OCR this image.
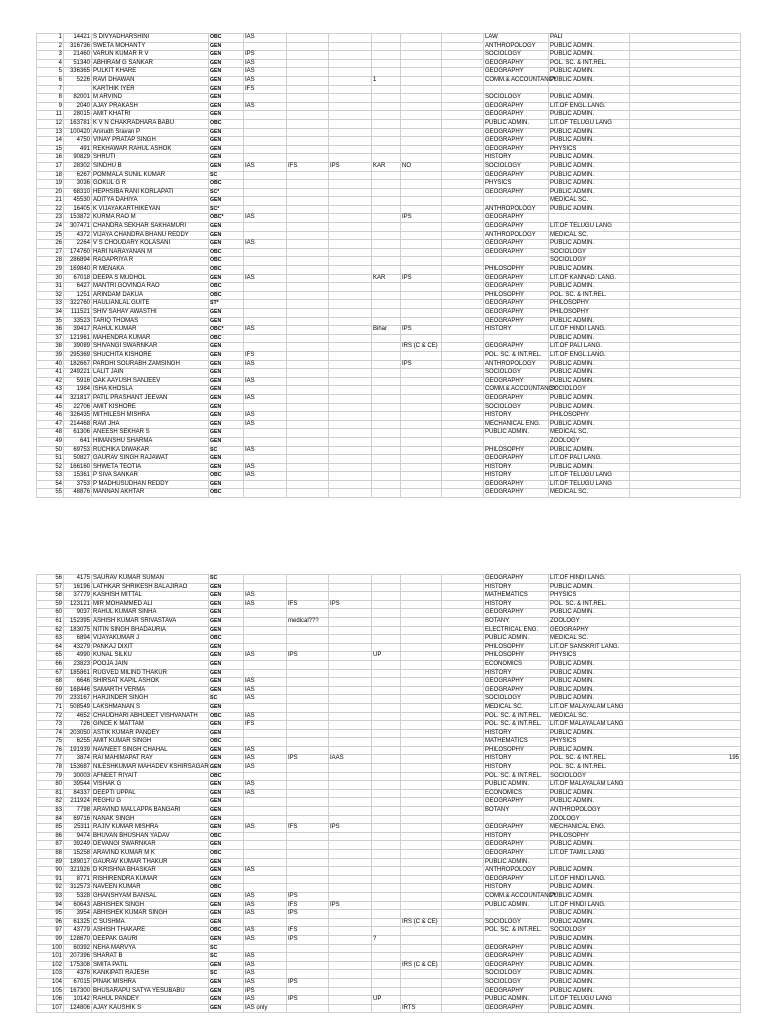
1	14421	S DIVYADHARSHINI	OBC	IAS						LAW	PALI	
2	316736	SWETA MOHANTY	GEN							ANTHROPOLOGY	PUBLIC ADMIN.	
3	21460	VARUN KUMAR R V	GEN	IPS						SOCIOLOGY	PUBLIC ADMIN.	
4	51340	ABHIRAM G SANKAR	GEN	IAS						GEOGRAPHY	POL. SC. & INT.REL.	
5	336365	PULKIT KHARE	GEN	IAS						GEOGRAPHY	PUBLIC ADMIN.	
6	5226	RAVI DHAWAN	GEN	IAS			1			COMM.& ACCOUNTANCY	PUBLIC ADMIN.	
7		KARTHIK IYER	GEN	IFS								
8	82001	M ARVIND	GEN							SOCIOLOGY	PUBLIC ADMIN.	
9	2040	AJAY PRAKASH	GEN	IAS						GEOGRAPHY	LIT.OF ENGL.LANG.	
11	28015	AMIT KHATRI	GEN							GEOGRAPHY	PUBLIC ADMIN.	
12	163781	K V N CHAKRADHARA BABU	OBC							PUBLIC ADMIN.	LIT.OF TELUGU LANG	
13	100420	Anirudh Sravan P	GEN							GEOGRAPHY	PUBLIC ADMIN.	
14	4750	VINAY PRATAP SINGH	GEN							GEOGRAPHY	PUBLIC ADMIN.	
15	491	REKHAWAR RAHUL ASHOK	GEN							GEOGRAPHY	PHYSICS	
16	90829	SHRUTI	GEN							HISTORY	PUBLIC ADMIN.	
17	28302	SINDHU B	GEN	IAS	IFS	IPS	KAR	NO		SOCIOLOGY	PUBLIC ADMIN.	
18	6267	POMMALA SUNIL KUMAR	SC							GEOGRAPHY	PUBLIC ADMIN.	
19	3036	GOKUL G R	OBC							PHYSICS	PUBLIC ADMIN.	
20	68310	HEPHSIBA RANI KORLAPATI	SC*							GEOGRAPHY	PUBLIC ADMIN.	
21	45530	ADITYA DAHIYA	GEN								MEDICAL SC.	
22	16405	K VIJAYAKARTHIKEYAN	SC*							ANTHROPOLOGY	PUBLIC ADMIN.	
23	153872	KURMA RAO M	OBC*	IAS				IPS		GEOGRAPHY		
24	307471	CHANDRA SEKHAR SAKHAMURI	GEN							GEOGRAPHY	LIT.OF TELUGU LANG	
25	4372	VIJAYA CHANDRA BHANU REDDY	GEN							ANTHROPOLOGY	MEDICAL SC.	
26	2264	V S CHOUDARY KOLASANI	GEN	IAS						GEOGRAPHY	PUBLIC ADMIN.	
27	174760	HARI NARAYANAN M	OBC							GEOGRAPHY	SOCIOLOGY	
28	286894	RAGAPRIYA R	OBC								SOCIOLOGY	
29	169840	R MENAKA	OBC							PHILOSOPHY	PUBLIC ADMIN.	
30	67018	DEEPA S MUDHOL	GEN	IAS			KAR	IPS		GEOGRAPHY	LIT.OF KANNAD. LANG.	
31	6427	MANTRI GOVINDA RAO	OBC							GEOGRAPHY	PUBLIC ADMIN.	
32	1251	ARINDAM DAKUA	OBC							PHILOSOPHY	POL. SC. & INT.REL.	
33	322760	HAULIANLAL GUITE	ST*							GEOGRAPHY	PHILOSOPHY	
34	111521	SHIV SAHAY AWASTHI	GEN							GEOGRAPHY	PHILOSOPHY	
35	33523	TARIQ THOMAS	GEN							GEOGRAPHY	PUBLIC ADMIN.	
36	39417	RAHUL KUMAR	OBC*	IAS			Bihar	IPS		HISTORY	LIT.OF HINDI LANG.	
37	121961	MAHENDRA KUMAR	OBC								PUBLIC ADMIN.	
38	39089	SHIVANGI SWARNKAR	GEN					IRS (C & CE)		GEOGRAPHY	LIT.OF PALI LANG.	
39	295369	SHUCHITA KISHORE	GEN	IFS						POL. SC. & INT.REL.	LIT.OF ENGL.LANG.	
40	182667	PARDHI SOURABH ZAMSINGH	GEN	IAS				IPS		ANTHROPOLOGY	PUBLIC ADMIN.	
41	249221	LALIT JAIN	GEN							SOCIOLOGY	PUBLIC ADMIN.	
42	5916	OAK AAYUSH SANJEEV	GEN	IAS						GEOGRAPHY	PUBLIC ADMIN.	
43	1984	ISHA KHOSLA	GEN							COMM.& ACCOUNTANCY	SOCIOLOGY	
44	321817	PATIL PRASHANT JEEVAN	GEN	IAS						GEOGRAPHY	PUBLIC ADMIN.	
45	22706	AMIT KISHORE	GEN							SOCIOLOGY	PUBLIC ADMIN.	
46	326435	MITHILESH MISHRA	GEN	IAS						HISTORY	PHILOSOPHY	
47	214468	RAVI JHA	GEN	IAS						MECHANICAL ENG.	PUBLIC ADMIN.	
48	61306	ANEESH SEKHAR S	GEN							PUBLIC ADMIN.	MEDICAL SC.	
49	641	HIMANSHU SHARMA	GEN								ZOOLOGY	
50	69753	RUCHIKA DIWAKAR	SC	IAS						PHILOSOPHY	PUBLIC ADMIN.	
51	50827	GAURAV SINGH RAJAWAT	GEN							GEOGRAPHY	LIT.OF PALI LANG.	
52	166160	SHWETA TEOTIA	GEN	IAS						HISTORY	PUBLIC ADMIN.	
53	15361	P SIVA SANKAR	OBC	IAS						HISTORY	LIT.OF TELUGU LANG	
54	3753	P MADHUSUDHAN REDDY	GEN							GEOGRAPHY	LIT.OF TELUGU LANG	
55	48876	MANNAN AKHTAR	OBC							GEOGRAPHY	MEDICAL SC.	
56	4175	SAURAV KUMAR SUMAN	SC							GEOGRAPHY	LIT.OF HINDI LANG.	
57	16196	LATHKAR SHRIKESH BALAJIRAO	GEN							HISTORY	PUBLIC ADMIN.	
58	37779	KASHISH MITTAL	GEN	IAS						MATHEMATICS	PHYSICS	
59	123121	MIR MOHAMMED ALI	GEN	IAS	IFS	IPS				HISTORY	POL. SC. & INT.REL.	
60	9037	RAHUL KUMAR SINHA	GEN							GEOGRAPHY	PUBLIC ADMIN.	
61	152395	ASHISH KUMAR SRIVASTAVA	GEN		medical???					BOTANY	ZOOLOGY	
62	183075	NITIN SINGH BHADAURIA	GEN							ELECTRICAL ENG.	GEOGRAPHY	
63	6894	VIJAYAKUMAR J	OBC							PUBLIC ADMIN.	MEDICAL SC.	
64	43279	PANKAJ DIXIT	GEN							PHILOSOPHY	LIT.OF SANSKRIT LANG.	
65	4990	KUNAL SILKU	GEN	IAS	IPS		UP			PHILOSOPHY	PHYSICS	
66	23823	POOJA JAIN	GEN							ECONOMICS	PUBLIC ADMIN.	
67	185861	RUGVED MILIND THAKUR	GEN							HISTORY	PUBLIC ADMIN.	
68	6646	SHIRSAT KAPIL ASHOK	GEN	IAS						GEOGRAPHY	PUBLIC ADMIN.	
69	168446	SAMARTH VERMA	GEN	IAS						GEOGRAPHY	PUBLIC ADMIN.	
70	233167	HARJINDER SINGH	SC	IAS						SOCIOLOGY	PUBLIC ADMIN.	
71	508549	LAKSHMANAN S	GEN							MEDICAL SC.	LIT.OF MALAYALAM LANG	
72	4652	CHAUDHARI ABHIJEET VISHVANATH	OBC	IAS						POL. SC. & INT.REL.	MEDICAL SC.	
73	726	GINCE K MATTAM	GEN	IFS						POL. SC. & INT.REL.	LIT.OF MALAYALAM LANG	
74	203050	ASTIK KUMAR PANDEY	GEN							HISTORY	PUBLIC ADMIN.	
75	6255	AMIT KUMAR SINGH	OBC							MATHEMATICS	PHYSICS	
76	191939	NAVNEET SINGH CHAHAL	GEN	IAS						PHILOSOPHY	PUBLIC ADMIN.	
77	3874	RAI MAHIMAPAT RAY	GEN	IAS	IPS	IAAS				HISTORY	POL. SC. & INT.REL.	195
78	153687	NILESHKUMAR MAHADEV KSHIRSAGAR	GEN	IAS						HISTORY	POL. SC. & INT.REL.	
79	30003	AFNEET RIYAIT	OBC							POL. SC. & INT.REL.	SOCIOLOGY	
80	39544	VISHAK G	GEN	IAS						PUBLIC ADMIN.	LIT.OF MALAYALAM LANG	
81	84337	DEEPTI UPPAL	GEN	IAS						ECONOMICS	PUBLIC ADMIN.	
82	211924	REGHU G	GEN							GEOGRAPHY	PUBLIC ADMIN.	
83	7798	ARAVIND MALLAPPA BANGARI	GEN							BOTANY	ANTHROPOLOGY	
84	69716	NANAK SINGH	GEN								ZOOLOGY	
85	25311	RAJIV KUMAR MISHRA	GEN	IAS	IFS	IPS				GEOGRAPHY	MECHANICAL ENG.	
86	9474	BHUVAN BHUSHAN YADAV	OBC							HISTORY	PHILOSOPHY	
87	39249	DEVANGI SWARNKAR	GEN							GEOGRAPHY	PUBLIC ADMIN.	
88	15258	ARAVIND KUMAR M K	OBC							GEOGRAPHY	LIT.OF TAMIL LANG	
89	189017	GAURAV KUMAR THAKUR	GEN							PUBLIC ADMIN.		
90	321926	D KRISHNA BHASKAR	GEN	IAS						ANTHROPOLOGY	PUBLIC ADMIN.	
91	8771	RISHIRENDRA KUMAR	GEN							GEOGRAPHY	LIT.OF HINDI LANG.	
92	312573	NAVEEN KUMAR	OBC							HISTORY	PUBLIC ADMIN.	
93	5328	GHANSHYAM BANSAL	GEN	IAS	IPS					COMM.& ACCOUNTANCY	PUBLIC ADMIN.	
94	60643	ABHISHEK SINGH	GEN	IAS	IFS	IPS				PUBLIC ADMIN.	LIT.OF HINDI LANG.	
95	3954	ABHISHEK KUMAR SINGH	GEN	IAS	IPS						PUBLIC ADMIN.	
96	61325	C SUSHMA	GEN					IRS (C & CE)		SOCIOLOGY	PUBLIC ADMIN.	
97	43779	ASHISH THAKARE	OBC	IAS	IFS					POL. SC. & INT.REL.	SOCIOLOGY	
99	128670	DEEPAK GAURI	GEN	IAS	IPS		?				PUBLIC ADMIN.	
100	60392	NEHA MARVYA	SC							GEOGRAPHY	PUBLIC ADMIN.	
101	207396	SHARAT B	SC	IAS						GEOGRAPHY	PUBLIC ADMIN.	
102	175308	SMITA PATIL	GEN	IAS				IRS (C & CE)		GEOGRAPHY	PUBLIC ADMIN.	
103	4376	KANKIPATI RAJESH	SC	IAS						SOCIOLOGY	PUBLIC ADMIN.	
104	67015	PINAK MISHRA	GEN	IAS	IPS					SOCIOLOGY	PUBLIC ADMIN.	
105	167300	BHUSARAPU SATYA YESUBABU	GEN	IPS						GEOGRAPHY	PUBLIC ADMIN.	
106	10142	RAHUL PANDEY	GEN	IAS	IPS		UP			PUBLIC ADMIN.	LIT.OF TELUGU LANG	
107	124806	AJAY KAUSHIK S	GEN	IAS only				IRTS		GEOGRAPHY	PUBLIC ADMIN.	
